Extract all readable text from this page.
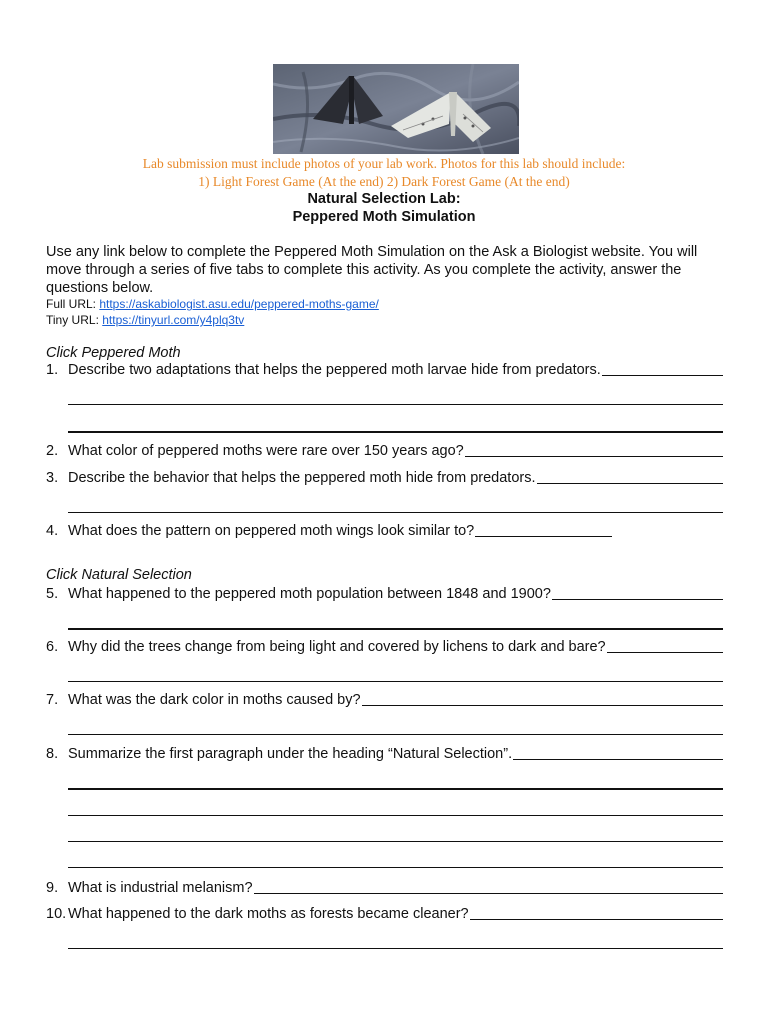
Lab submission must include photos of your lab work. Photos for this lab should include:
1) Light Forest Game (At the end) 2) Dark Forest Game (At the end)
Natural Selection Lab:
Peppered Moth Simulation
Use any link below to complete the Peppered Moth Simulation on the Ask a Biologist website. You will move through a series of five tabs to complete this activity. As you complete the activity, answer the questions below.
Full URL: https://askabiologist.asu.edu/peppered-moths-game/
Tiny URL: https://tinyurl.com/y4plq3tv
Click Peppered Moth
1. Describe two adaptations that helps the peppered moth larvae hide from predators.
2. What color of peppered moths were rare over 150 years ago?
3. Describe the behavior that helps the peppered moth hide from predators.
4. What does the pattern on peppered moth wings look similar to?
Click Natural Selection
5. What happened to the peppered moth population between 1848 and 1900?
6. Why did the trees change from being light and covered by lichens to dark and bare?
7. What was the dark color in moths caused by?
8. Summarize the first paragraph under the heading “Natural Selection”.
9. What is industrial melanism?
10. What happened to the dark moths as forests became cleaner?
